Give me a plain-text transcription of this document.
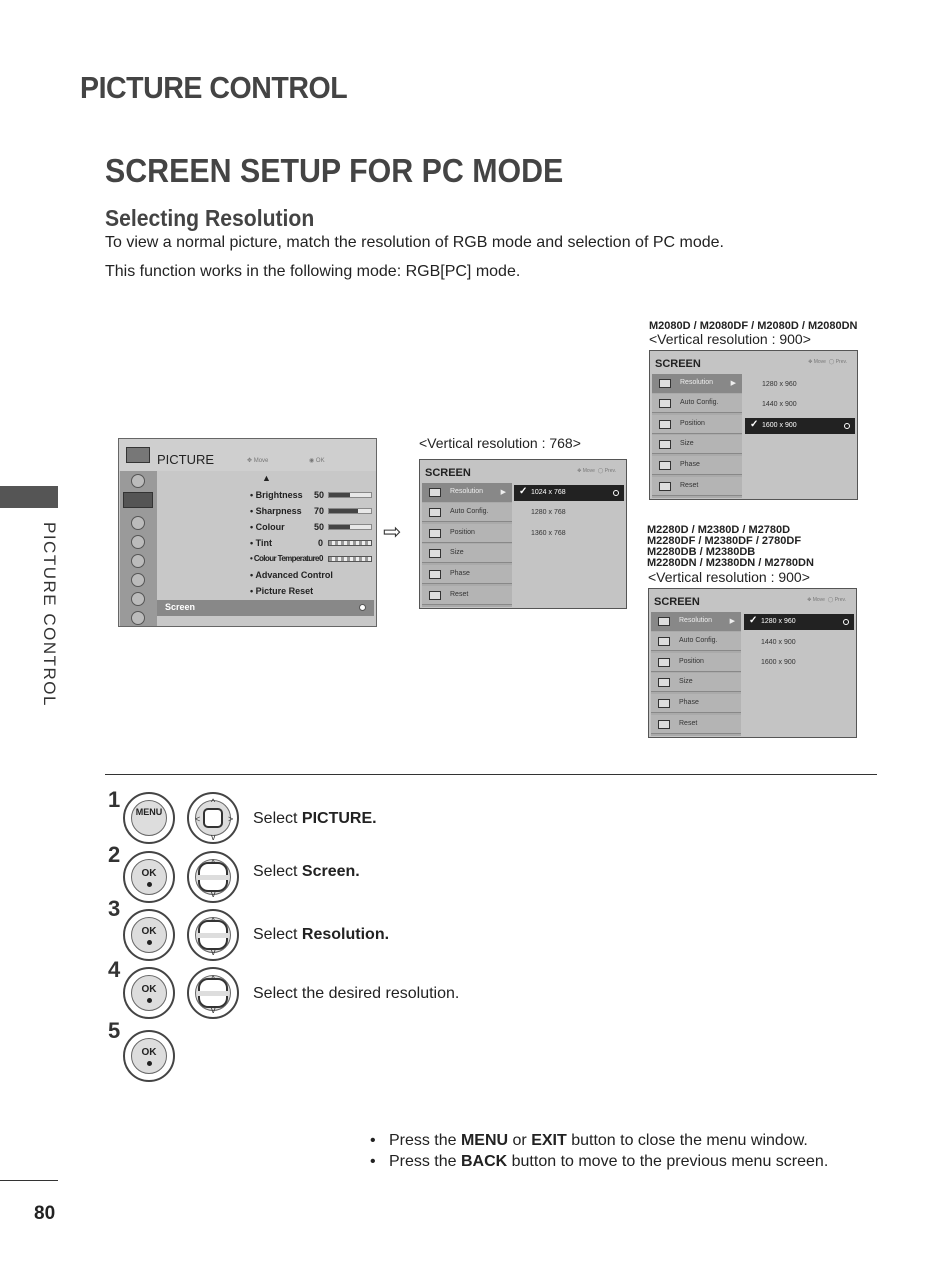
PICTURE CONTROL
SCREEN SETUP FOR PC MODE
Selecting Resolution
To view a normal picture, match the resolution of RGB mode and selection of PC mode.
This function works in the following mode: RGB[PC] mode.
PICTURE CONTROL
80
PICTURE	✥ Move	◉ OK
▲
• Brightness 50
• Sharpness 70
• Colour	50
• Tint	0
• Colour Temperature 0
• Advanced Control
• Picture Reset
Screen
⇨
<Vertical resolution : 768>
SCREEN	✥ Move  ◯ Prev.
Resolution	▶
Auto Config.
Position
Size
Phase
Reset
✓ 1024 x 768
1280 x 768
1360 x 768
M2080D / M2080DF / M2080D / M2080DN
<Vertical resolution : 900>
SCREEN	✥ Move  ◯ Prev.
Resolution	▶
Auto Config.
Position
Size
Phase
Reset
1280 x 960
1440 x 900
✓ 1600 x 900
M2280D / M2380D / M2780D
M2280DF / M2380DF / 2780DF
M2280DB / M2380DB
M2280DN / M2380DN / M2780DN
<Vertical resolution : 900>
SCREEN	✥ Move  ◯ Prev.
Resolution	▶
Auto Config.
Position
Size
Phase
Reset
✓ 1280 x 960
1440 x 900
1600 x 900
1	MENU
^
v
<	> Select PICTURE.
2
OK
^
v
Select Screen.
3
OK
^
v
Select Resolution.
4
OK
^
v
Select the desired resolution.
5
OK
•   Press the MENU or EXIT button to close the menu window.
•   Press the BACK button to move to the previous menu screen.
